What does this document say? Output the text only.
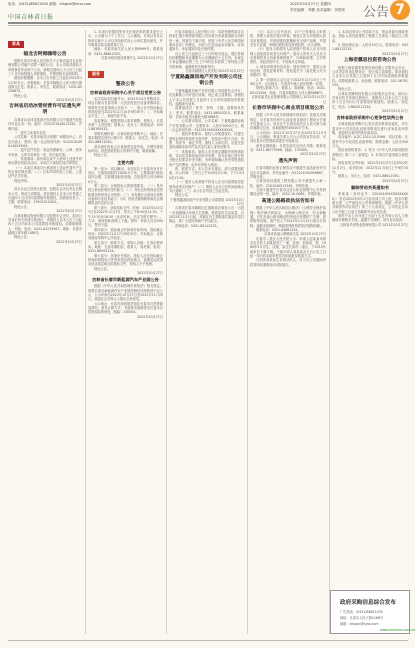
电话：(0431)88611050 邮箱：cfxgshi@sina.com
中国吉林省日报
2022年10月27日 星期四
责任编辑：李静 美术编辑：李国荣 公告 7
家具

福龙吉阿姆咖啡公告

根据长春市中级人民法院关于吉林省福龙企业管理有限公司破产清算一案的公告，本公司现对债权人申报事宜作出如下公告。请相关债权人于公告之日起三十日内向管理人申报债权，并提供相关证明材料。

债权申报期限：自本公告刊登之日起至2022年11月30日止。申报地址：长春市朝阳区人民大街与建设街交汇处。联系人：李先生，联系电话：0431-85226672。

特此公告。

2022年10月27日

吉林省启动冰雪经营许可证遗失声明

吉林省启动冰雪旅游开发有限公司不慎遗失经营许可证正本一份，编号：JY22201040012345，声明作废。

一、遗失主体基本信息

公司名称：长春市南关区明德广场服务中心；法定代表人：张明；统一社会信用代码：91220102MA14XXXXXX。

二、遗失证件信息：营业执照副本、公章、财务专用章、合同专用章各一枚，即日起作废。

三、其他事项：如有单位或个人使用上述遗失印章从事任何经济活动，本单位不承担任何法律责任。

（一）本单位承诺自行承担因上述证件遗失产生的全部法律后果；（二）自本声明刊登之日起，上述证件正式作废。

特此声明。

2022年10月27日

因本企业已经停止经营，经股东会决议决定注销本公司，现成立清算组。请各债权人自本公告见报之日起四十五日内向清算组申报债权。清算组负责人：王刚，联系电话：13904312XXX。

特此公告。

2022年10月27日

吉林省顺达物流有限公司经股东会决议，拟向公司登记机关申请注销登记，请债权人自本公告之日起四十五日内向本公司清算组申报债权。清算组联系人：刘伟，电话：0431-81234567。地址：长春市绿园区青年路1188号。

特此公告。

2022年10月27日

1. 本项目依据国家有关法律法规的要求进行公示，公示期为十个工作日。公示期间，对项目有异议的单位和个人可以书面形式向公示单位提出意见，并写明真实姓名和联系方式。

地址：长春市南关区人民大街9999号。联系电话：0431-88612345。

长春市城市建设管理中心 2022年10月27日

服务

整改公告
吉林省政府采购中心关于项目变更公告

本次招标项目编号为：2022年10月采购项目，项目名称为长春市第一人民医院医疗设备采购项目。现将有关变更事项公告如下：一、原公告中投标截止时间变更为2022年11月10日9时30分；二、开标地点不变；三、其他内容不变。

变更理由：根据采购人需求调整。采购人：长春市第一人民医院；联系人：赵女士；联系电话：0431-88765432。

采购代理机构：吉林省政府采购中心；地址：长春市朝阳区西安大路1号；联系人：孙先生；电话：0431-88611050。

请各潜在投标人注意查看变更内容，合理安排投标时间。因变更给投标人带来的不便，敬请谅解。

特此公告。

主要内容

第一部分：项目概况。本项目位于长春市净月开发区，总建筑面积约12000平方米，主要建设内容包括综合楼、实验楼及配套设施，总投资约人民币8500万元。

第二部分：合格投标人的资格要求。（一）具有独立承担民事责任的能力；（二）具有良好的商业信誉和健全的财务会计制度；（三）具有履行合同所必需的设备和专业技术能力；（四）有依法缴纳税收和社会保障资金的良好记录。

第三部分：获取招标文件。时间：2022年10月27日至2022年11月3日，每天上午8:30至11:30，下午13:30至16:30（北京时间，法定节假日除外）。方式：现场领取或网上下载。售价：每套人民币500元，售后不退。

第四部分：投标截止时间和开标时间。投标截止时间：2022年11月17日9时30分。开标地点：吉林省政府采购中心开标室。

第五部分：联系方式。采购人名称：长春市教育局；地址：长春市朝阳区；联系人：周老师；电话：0431-88991234。

第六部分：其他补充事宜。投标人应在投标截止时间前将投标文件密封送达投标地点，逾期送达或者未送达指定地点的投标文件，采购人不予受理。

特此公告。

2022年10月27日

吉林省长春市新能源汽车产业园公告

根据《中华人民共和国城乡规划法》相关规定，现将长春市新能源汽车产业园控制性详细规划予以公示，公示时间为2022年10月27日至2022年11月25日。欢迎社会各界人士提出宝贵意见。

公示地点：长春市规划展览馆及长春市自然资源局网站。意见反馈方式：书面意见请邮寄至长春市自然资源局规划处，邮编：130000。

2022年10月27日

长春市绿园区人民法院公告：本院受理的原告吉林省汇通小额贷款有限公司诉被告李某某借款合同纠纷一案，因被告下落不明，依照《中华人民共和国民事诉讼法》的规定，向你公告送达起诉状副本、应诉通知书、举证通知书及开庭传票。

自公告之日起经过三十日即视为送达。提出答辩状的期限和举证期限为公告期满后十五日内。本案定于举证期满后第三日上午9时在本院第三审判庭公开开庭审理，逾期将依法缺席判决。

长春市绿园区人民法院 2022年10月27日

宁夏路鑫源房地产开发有限公司注销公告

宁夏路鑫源房地产开发有限公司经股东会决议，决定解散公司并进行清算，现已成立清算组。请债权人于本公告见报之日起四十五日内向清算组申报债权，逾期视为放弃。

清算组成员：张华、李明、王强。清算组负责人：张华。联系电话：0431-86543210。联系地址：长春市南关区解放大路2688号。

一、公司基本情况。公司名称：宁夏路鑫源房地产开发有限公司；注册资本：人民币5000万元；统一社会信用代码：91220100XXXXXXXXXX。

二、债权申报要求。债权人申报债权时，应提交债权证明材料原件及复印件，包括但不限于合同、发票、判决书、裁定书等。债权人为单位的，应提交营业执照副本复印件及法定代表人身份证明书。

三、其他事项。债权人未在规定期限内申报债权的，可以在清算结束前补充申报，但对此前已进行的分配无权要求补充分配。为审查和确认补充申报债权所产生的费用，由补充申报人承担。

四、联系方式。本公告未尽事宜，请与清算组联系。办公时间：工作日上午9:00至11:30，下午13:30至17:00。

（一）债务人或者财产持有人应当向清算组清偿债务或者交付财产；（二）债权人会议召开时间和地点另行通知；（三）本公告自刊登之日起生效。

特此公告。

宁夏路鑫源房地产开发有限公司清算组 2022年10月27日

吉林省长春市朝阳区红旗街道办事处公告：为进一步加强辖区环境卫生管理，提高居民生活质量，自2022年11月1日起，对辖区内主要街道实施定时清扫保洁，请广大居民和商户予以配合。

咨询电话：0431-85112233。

（五）本次公告刊登后，对于已有债权人申报的，管理人将依法进行审查。债权人应当向管理人如实申报债权，并说明债权数额和有无财产担保，并提交有关证据。申报的债权是连带债权的，应当说明。

（六）债务人的债务人或者财产持有人应当向管理人清偿债务或者交付财产。债务人的有关人员应当妥善保管其占有和管理的财产、印章和账簿、文书等资料，未经法院许可，不得离开住所地。

1. 债权申报材料应包括：债权申报书、债权人身份证明、债权证明材料、授权委托书（委托他人代为申报的）等。

2. 第一次债权人会议定于2022年12月15日上午9时召开，会议地点：长春市中级人民法院第一法庭。

管理人联系方式：联系人：陈律师，电话：0431-85123456，地址：长春市朝阳区人民大街5688号。

吉林省福龙企业管理有限公司管理人 2022年10月27日

长春市华润中心商业项目规划公示

根据《中华人民共和国城乡规划法》及相关法规规定，对长春市华润中心商业项目建设工程设计方案予以批前公示。项目位于长春市南关区人民大街与南环城路交汇处，用地面积约45000平方米。

公示时间：2022年10月27日至2022年11月9日。公示期间，利害关系人对公示内容有异议的，可向长春市自然资源局提出书面意见。

意见反馈地址：长春市南关区西五马路；联系电话：0431-88775566；邮编：130000。

2022年10月27日

遗失声明

长春市朝阳区张记餐饮店不慎遗失食品经营许可证正本及副本，许可证编号：JY12201040099887，声明作废。

吉林省恒信建筑工程有限公司不慎遗失公章一枚，编号：2201040012345，声明作废。

王丽不慎遗失长春市住房公积金管理中心开具的缴存证明一份，编号：2022-10-0089，声明作废。

高速公路路政执法告知书

根据《中华人民共和国公路法》《公路安全保护条例》等法律法规规定，为保障公路完好、安全和畅通，对在高速公路用地范围内违法设置的广告牌、建筑物等设施，请产权人于2022年11月15日前自行拆除。逾期未拆除的，路政管理机构将依法强制拆除。

联系电话：0431-84661234。

吉林省高速公路路政支队 2022年10月27日

长春市二道区人民法院公告：申请人赵某某申请宣告自然人刘某某死亡一案，经查：刘某某，男，1960年5月出生，汉族，原住长春市二道区，于2015年离家后下落不明。下落不明人刘某某应当自公告之日起一年内向本院申报其具体地址及联系方式。

凡知悉刘某某生存现状的人，应当在公告期间内将其所知道情况向本院报告。

1. 本项目采用公开招标方式，资金来源为财政资金。投标人须具备建筑工程施工总承包二级及以上资质。

2. 投标保证金：人民币10万元。联系电话：0431-88112233。

2022年10月27日

上海帝露思投资咨询公告

根据上海帝露思投资咨询有限公司股东会决议，公司决定申请注销登记，现已成立清算组。请各债权人自本公告见报之日起四十五日内向清算组申报债权。清算组联系人：孙经理，联系电话：021-56781234。

特此公告。

吉林省龙腾科技有限公司经股东会决议，拟向公司登记机关申请注销登记，请债权人自本公告之日起四十五日内向公司清算组申报债权。联系人：周先生，电话：13604311234。

2022年10月27日

吉林省政府采购中心竞争性谈判公告

吉林省政府采购中心受长春市教育局委托，对长春市中小学信息化设备采购项目进行竞争性谈判采购，欢迎符合条件的供应商参加。

项目编号：JLZC-2022-10-0566；项目名称：长春市中小学信息化设备采购；预算金额：人民币350万元。

供应商资格要求：1. 符合《中华人民共和国政府采购法》第二十二条规定；2. 本项目不接受联合体投标。

获取谈判文件时间：2022年10月27日至2022年11月2日。谈判时间：2022年11月8日上午9时30分。

联系人：吴女士，电话：0431-88611050。

2022年10月27日

解除劳动关系通知书

李某某（身份证号：22010419XXXXXXXXXX）：你自2022年8月1日起未到公司上班，经多次联系无果，已严重违反公司规章制度。根据《中华人民共和国劳动合同法》第三十九条规定，公司决定自本公告刊登之日起与你解除劳动合同关系。

请你于本公告刊登之日起十五日内到公司人力资源部办理相关手续。逾期不办理的，视为自动放弃。

吉林省华信物业管理有限公司 2022年10月27日

政府采购信息综合发布
广告热线：(0431)88611050
地址：长春市人民大街1188号
邮箱：cfxgshi@sina.com
www.chinaxxs.com.cn
